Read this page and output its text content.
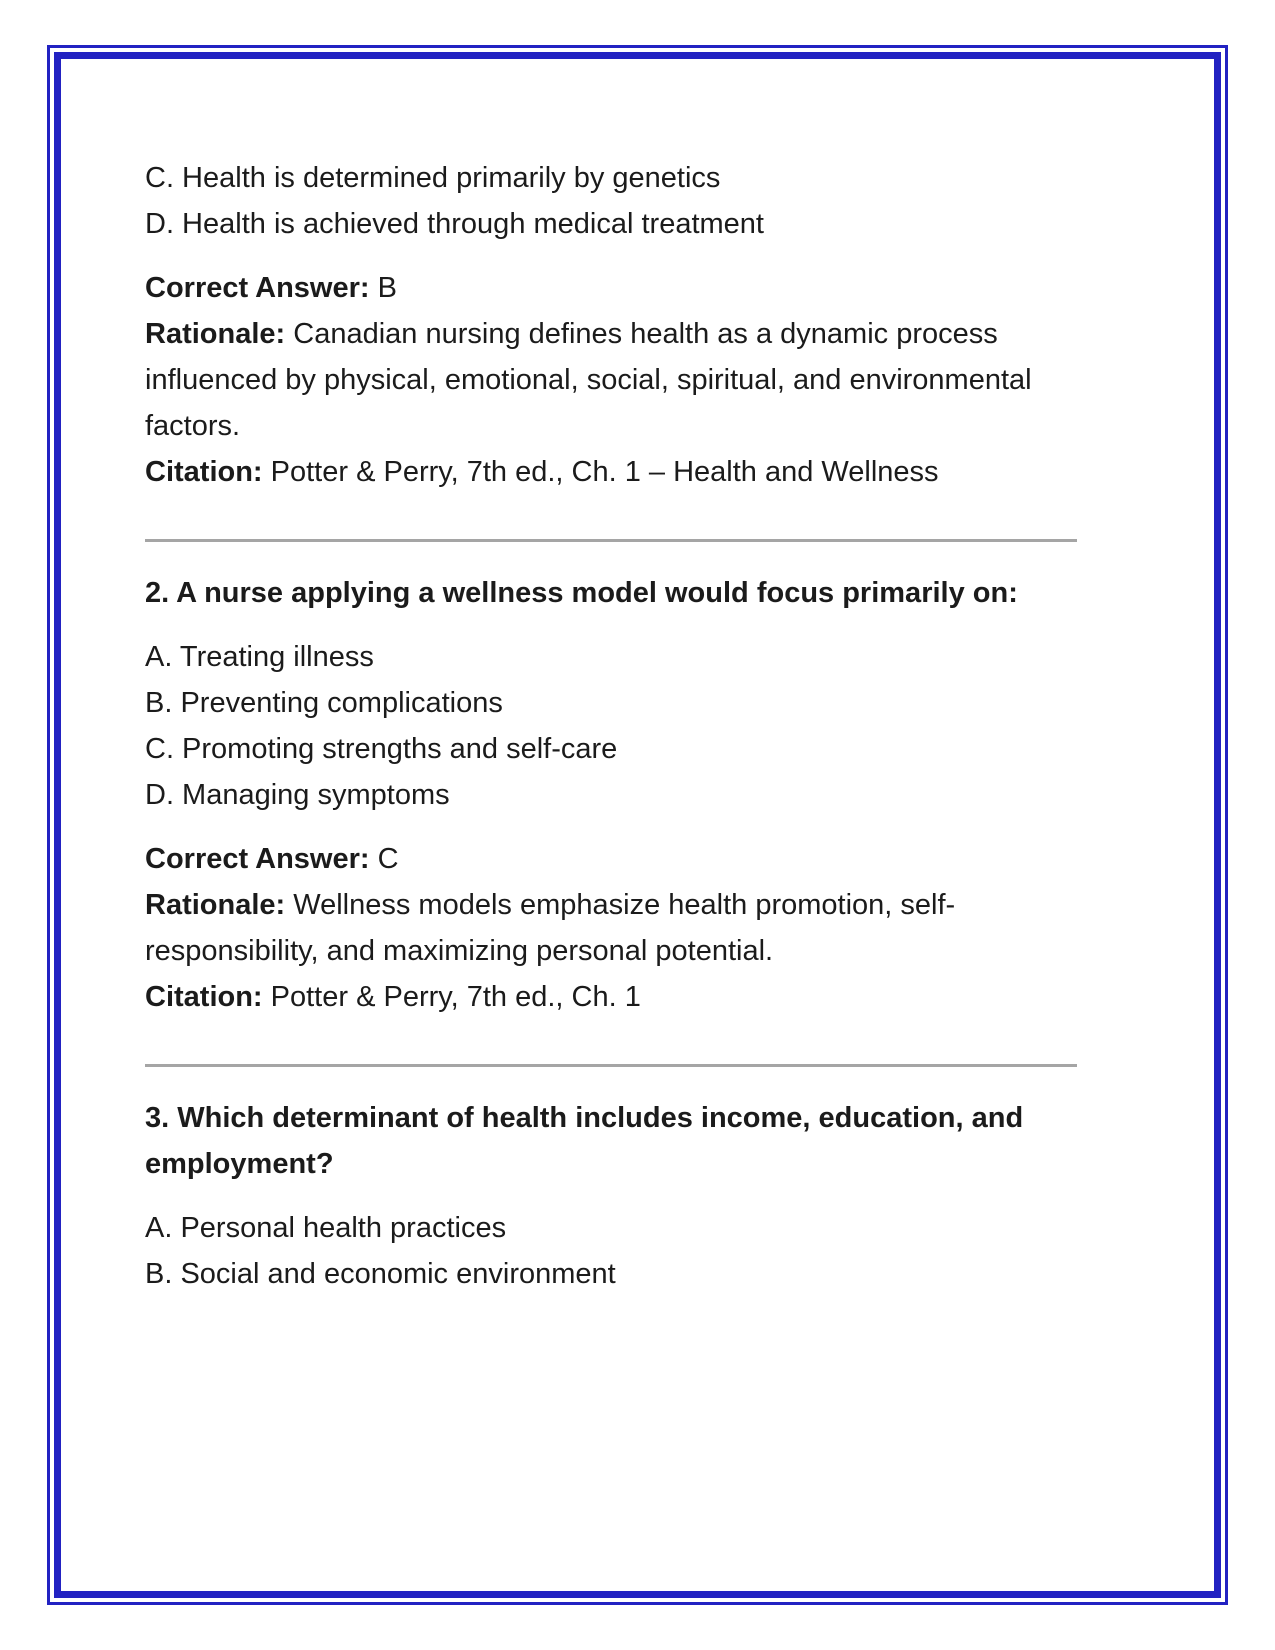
C. Health is determined primarily by genetics
D. Health is achieved through medical treatment
Correct Answer: B
Rationale: Canadian nursing defines health as a dynamic process influenced by physical, emotional, social, spiritual, and environmental factors.
Citation: Potter & Perry, 7th ed., Ch. 1 – Health and Wellness

2. A nurse applying a wellness model would focus primarily on:

A. Treating illness
B. Preventing complications
C. Promoting strengths and self-care
D. Managing symptoms
Correct Answer: C
Rationale: Wellness models emphasize health promotion, self-responsibility, and maximizing personal potential.
Citation: Potter & Perry, 7th ed., Ch. 1

3. Which determinant of health includes income, education, and employment?

A. Personal health practices
B. Social and economic environment
